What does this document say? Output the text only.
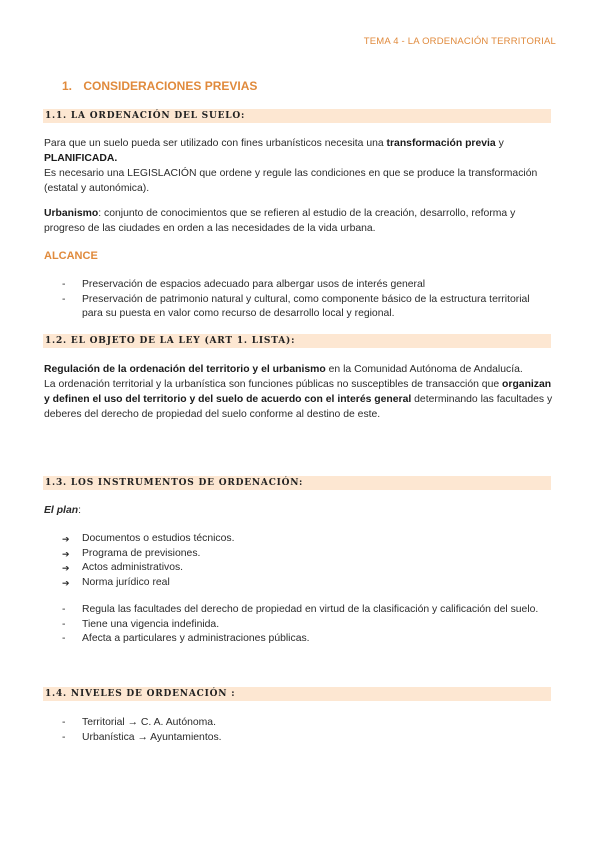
TEMA 4 - LA ORDENACIÓN TERRITORIAL
1. CONSIDERACIONES PREVIAS
1.1. LA ORDENACIÓN DEL SUELO:
Para que un suelo pueda ser utilizado con fines urbanísticos necesita una transformación previa y
PLANIFICADA.
Es necesario una LEGISLACIÓN que ordene y regule las condiciones en que se produce la transformación (estatal y autonómica).
Urbanismo: conjunto de conocimientos que se refieren al estudio de la creación, desarrollo, reforma y progreso de las ciudades en orden a las necesidades de la vida urbana.
ALCANCE
-
Preservación de espacios adecuado para albergar usos de interés general
-
Preservación de patrimonio natural y cultural, como componente básico de la estructura territorial para su puesta en valor como recurso de desarrollo local y regional.
1.2. EL OBJETO DE LA LEY (ART 1. LISTA):
Regulación de la ordenación del territorio y el urbanismo en la Comunidad Autónoma de Andalucía.
La ordenación territorial y la urbanística son funciones públicas no susceptibles de transacción que organizan y definen el uso del territorio y del suelo de acuerdo con el interés general determinando las facultades y deberes del derecho de propiedad del suelo conforme al destino de este.
1.3. LOS INSTRUMENTOS DE ORDENACIÓN:
El plan:
➔
Documentos o estudios técnicos.
➔
Programa de previsiones.
➔
Actos administrativos.
➔
Norma jurídico real
-
Regula las facultades del derecho de propiedad en virtud de la clasificación y calificación del suelo.
-
Tiene una vigencia indefinida.
-
Afecta a particulares y administraciones públicas.
1.4. NIVELES DE ORDENACIÓN :
-
Territorial → C. A. Autónoma.
-
Urbanística → Ayuntamientos.
